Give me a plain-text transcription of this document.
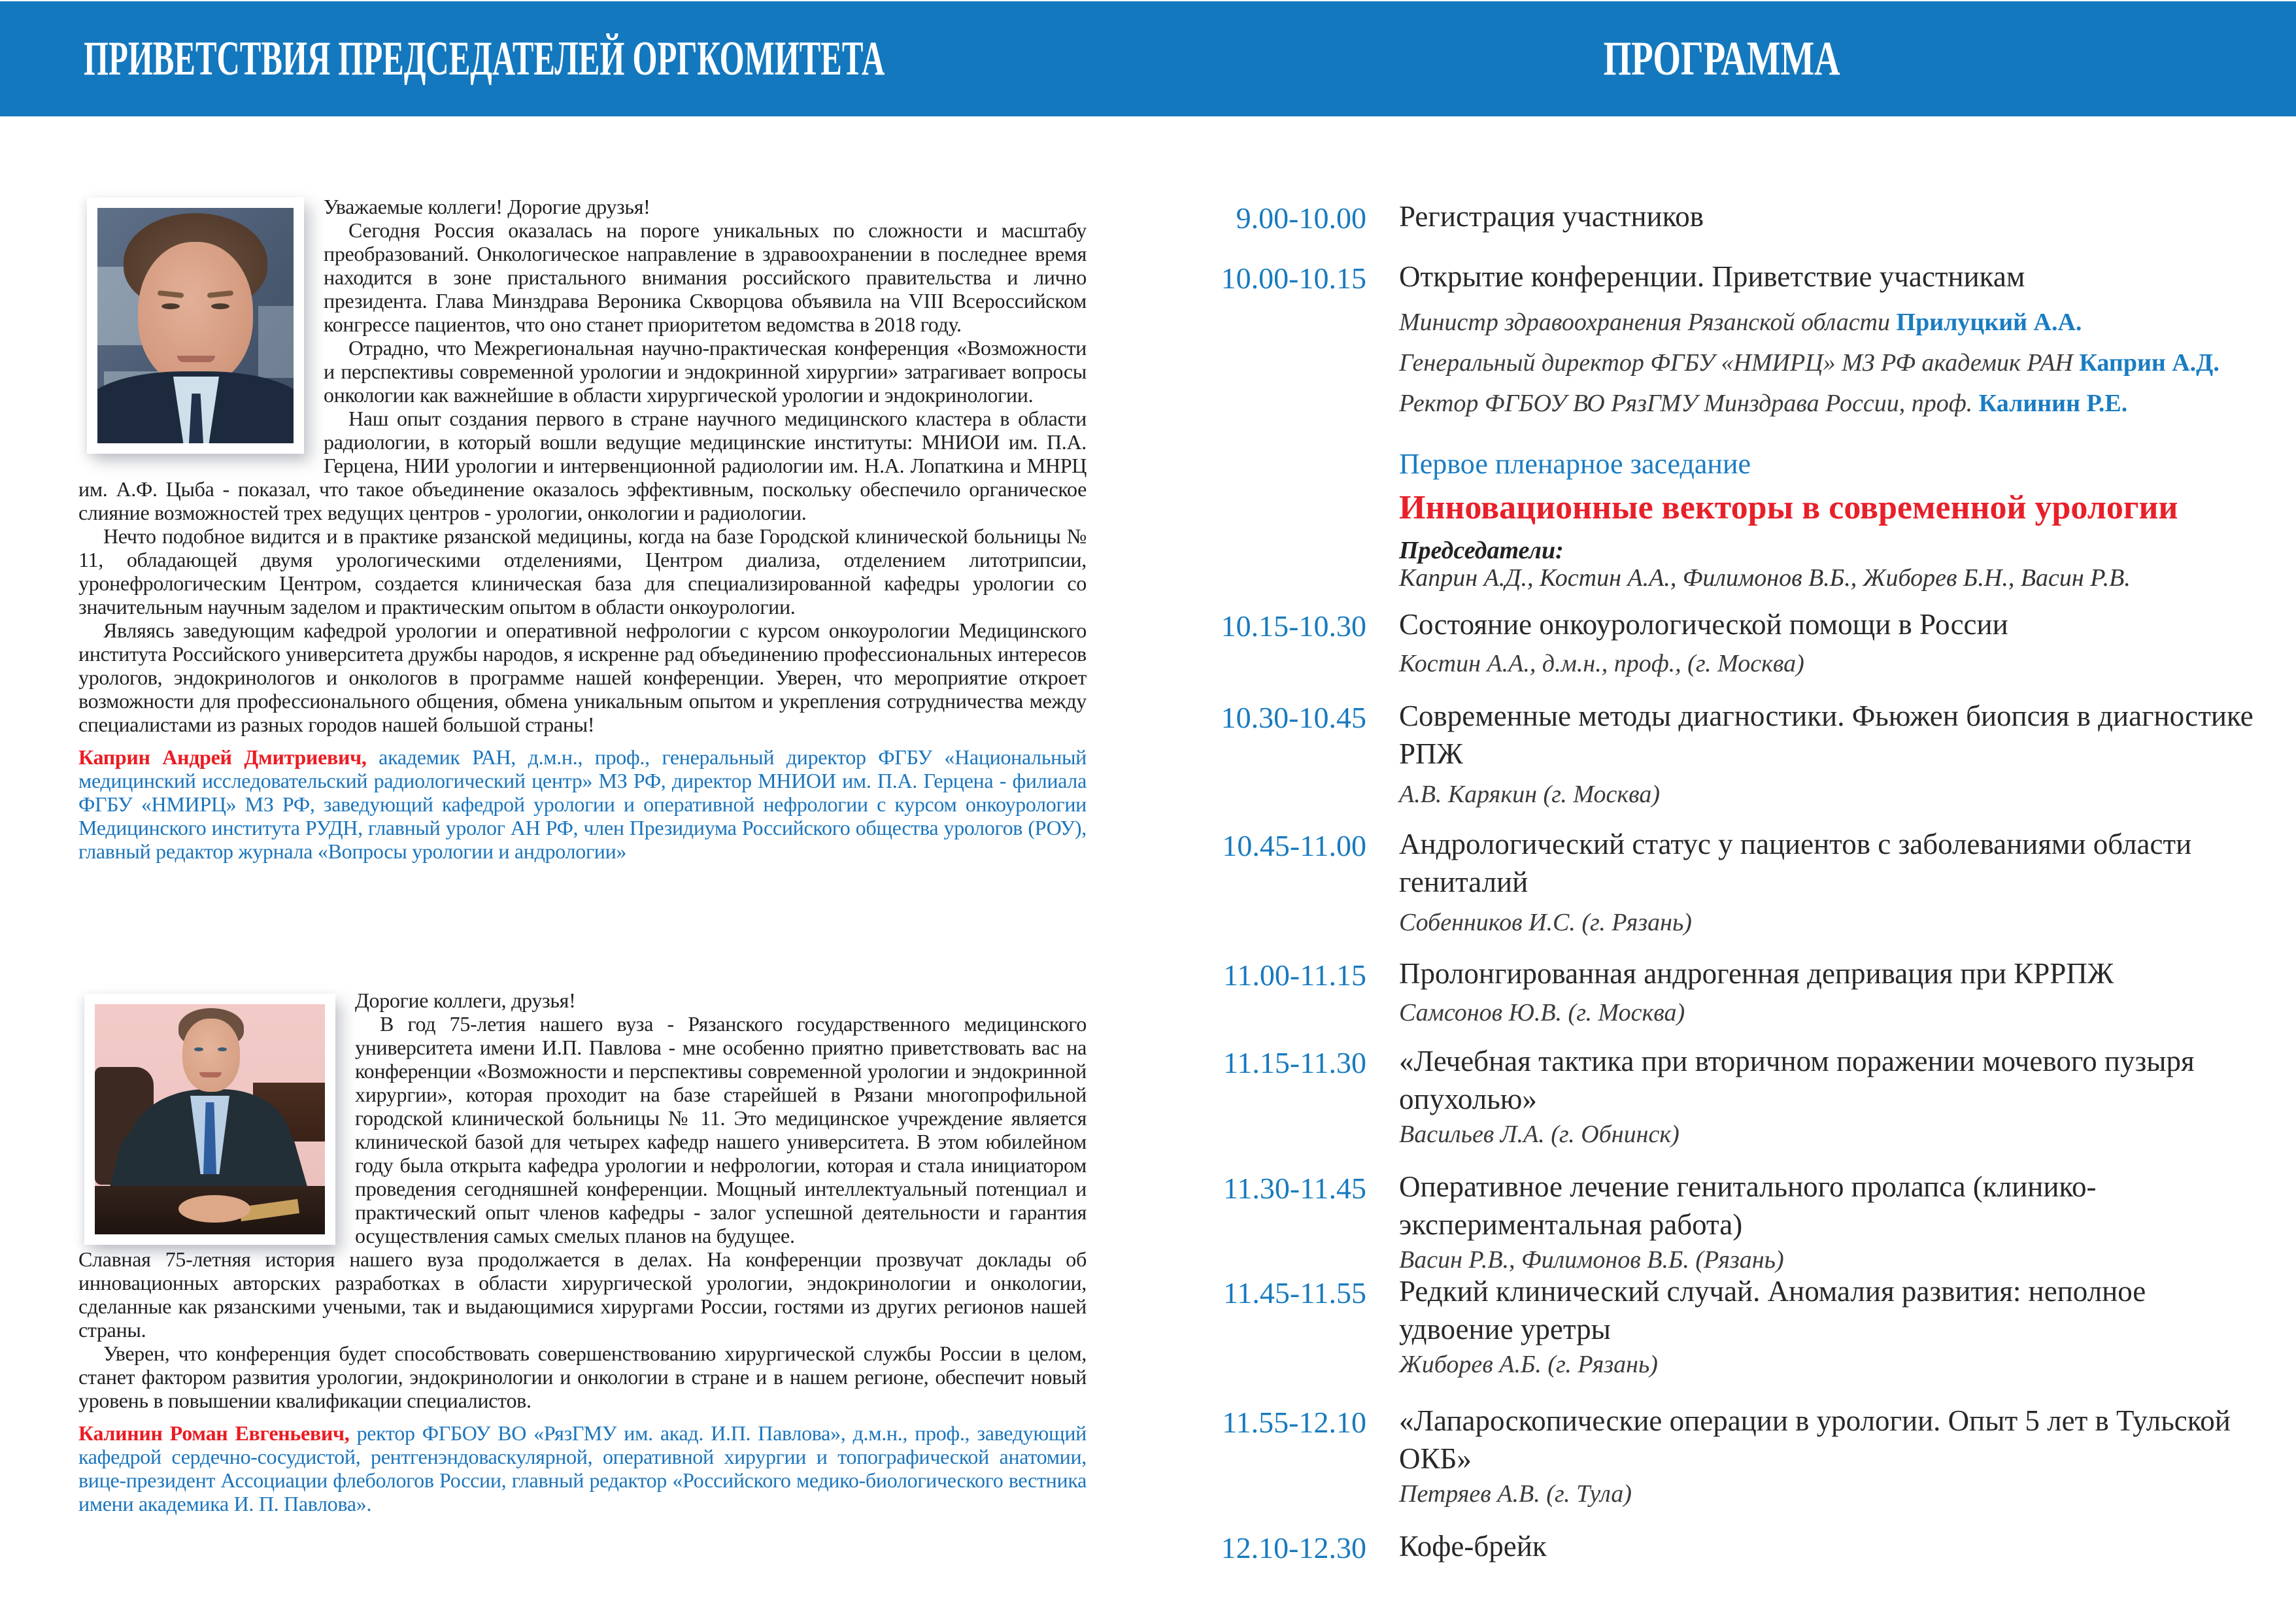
ПРИВЕТСТВИЯ ПРЕДСЕДАТЕЛЕЙ ОРГКОМИТЕТА	ПРОГРАММА

Уважаемые коллеги! Дорогие друзья!

Сегодня Россия оказалась на пороге уникальных по сложности и масштабу преобразований. Онкологическое направление в здравоохранении в последнее время находится в зоне пристального внимания российского правительства и лично президента. Глава Минздрава Вероника Скворцова объявила на VIII Всероссийском конгрессе пациентов, что оно станет приоритетом ведомства в 2018 году.

Отрадно, что Межрегиональная научно-практическая конференция «Возможности и перспективы современной урологии и эндокринной хирургии» затрагивает вопросы онкологии как важнейшие в области хирургической урологии и эндокринологии.

Наш опыт создания первого в стране научного медицинского кластера в области радиологии, в который вошли ведущие медицинские институты: МНИОИ им. П.А. Герцена, НИИ урологии и интервенционной радиологии им. Н.А. Лопаткина и МНРЦ им. А.Ф. Цыба - показал, что такое объединение оказалось эффективным, поскольку обеспечило органическое слияние возможностей трех ведущих центров - урологии, онкологии и радиологии.

Нечто подобное видится и в практике рязанской медицины, когда на базе Городской клинической больницы № 11, обладающей двумя урологическими отделениями, Центром диализа, отделением литотрипсии, уронефрологическим Центром, создается клиническая база для специализированной кафедры урологии со значительным научным заделом и практическим опытом в области онкоурологии.

Являясь заведующим кафедрой урологии и оперативной нефрологии с курсом онкоурологии Медицинского института Российского университета дружбы народов, я искренне рад объединению профессиональных интересов урологов, эндокринологов и онкологов в программе нашей конференции. Уверен, что мероприятие откроет возможности для профессионального общения, обмена уникальным опытом и укрепления сотрудничества между специалистами из разных городов нашей большой страны!

Каприн Андрей Дмитриевич, академик РАН, д.м.н., проф., генеральный директор ФГБУ «Национальный медицинский исследовательский радиологический центр» МЗ РФ, директор МНИОИ им. П.А. Герцена - филиала ФГБУ «НМИРЦ» МЗ РФ, заведующий кафедрой урологии и оперативной нефрологии с курсом онкоурологии Медицинского института РУДН, главный уролог АН РФ, член Президиума Российского общества урологов (РОУ), главный редактор журнала «Вопросы урологии и андрологии»

Дорогие коллеги, друзья!

В год 75-летия нашего вуза - Рязанского государственного медицинского университета имени И.П. Павлова - мне особенно приятно приветствовать вас на конференции «Возможности и перспективы современной урологии и эндокринной хирургии», которая проходит на базе старейшей в Рязани многопрофильной городской клинической больницы № 11. Это медицинское учреждение является клинической базой для четырех кафедр нашего университета. В этом юбилейном году была открыта кафедра урологии и нефрологии, которая и стала инициатором проведения сегодняшней конференции. Мощный интеллектуальный потенциал и практический опыт членов кафедры - залог успешной деятельности и гарантия осуществления самых смелых планов на будущее.

Славная 75-летняя история нашего вуза продолжается в делах. На конференции прозвучат доклады об инновационных авторских разработках в области хирургической урологии, эндокринологии и онкологии, сделанные как рязанскими учеными, так и выдающимися хирургами России, гостями из других регионов нашей страны.

Уверен, что конференция будет способствовать совершенствованию хирургической службы России в целом, станет фактором развития урологии, эндокринологии и онкологии в стране и в нашем регионе, обеспечит новый уровень в повышении квалификации специалистов.

Калинин Роман Евгеньевич, ректор ФГБОУ ВО «РязГМУ им. акад. И.П. Павлова», д.м.н., проф., заведующий кафедрой сердечно-сосудистой, рентгенэндоваскулярной, оперативной хирургии и топографической анатомии, вице-президент Ассоциации флебологов России, главный редактор «Российского медико-биологического вестника имени академика И. П. Павлова».

9.00-10.00 Регистрация участников
10.00-10.15 Открытие конференции. Приветствие участникам
Министр здравоохранения Рязанской области Прилуцкий А.А.
Генеральный директор ФГБУ «НМИРЦ» МЗ РФ академик РАН Каприн А.Д.
Ректор ФГБОУ ВО РязГМУ Минздрава России, проф. Калинин Р.Е.
Первое пленарное заседание
Инновационные векторы в современной урологии
Председатели:
Каприн А.Д., Костин А.А., Филимонов В.Б., Жиборев Б.Н., Васин Р.В.
10.15-10.30 Состояние онкоурологической помощи в России
Костин А.А., д.м.н., проф., (г. Москва)
10.30-10.45 Современные методы диагностики. Фьюжен биопсия в диагностике РПЖ
А.В. Карякин (г. Москва)
10.45-11.00 Андрологический статус у пациентов с заболеваниями области гениталий
Собенников И.С. (г. Рязань)
11.00-11.15 Пролонгированная андрогенная депривация при КРРПЖ
Самсонов Ю.В. (г. Москва)
11.15-11.30 «Лечебная тактика при вторичном поражении мочевого пузыря опухолью»
Васильев Л.А. (г. Обнинск)
11.30-11.45 Оперативное лечение генитального пролапса (клинико-экспериментальная работа)
Васин Р.В., Филимонов В.Б. (Рязань)
11.45-11.55 Редкий клинический случай. Аномалия развития: неполное удвоение уретры
Жиборев А.Б. (г. Рязань)
11.55-12.10 «Лапароскопические операции в урологии. Опыт 5 лет в Тульской ОКБ»
Петряев А.В. (г. Тула)
12.10-12.30 Кофе-брейк
